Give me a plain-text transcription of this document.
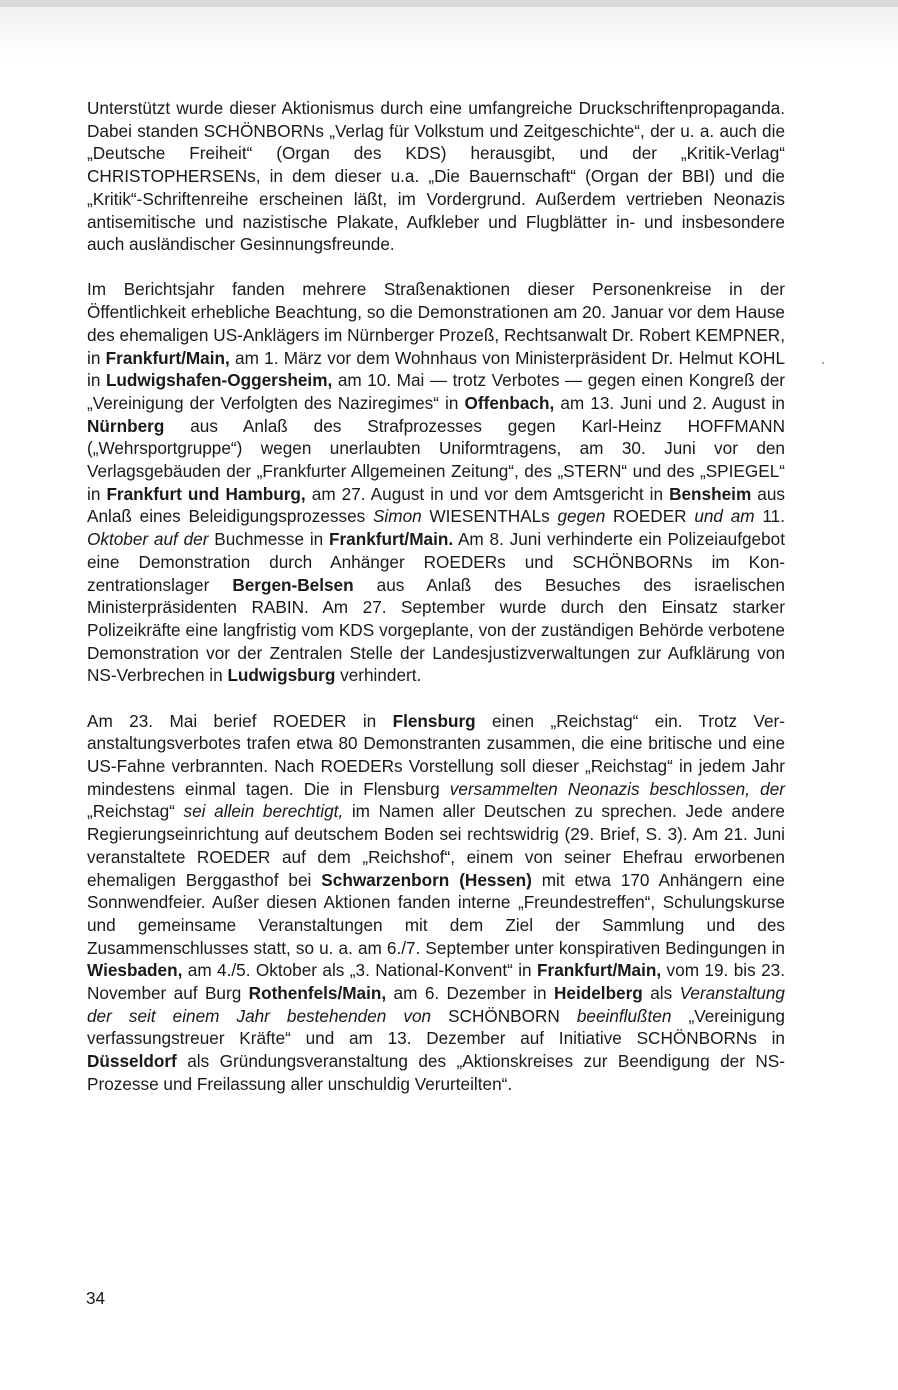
Unterstützt wurde dieser Aktionismus durch eine umfangreiche Druckschriftenpropaganda. Dabei standen SCHÖNBORNs „Verlag für Volkstum und Zeitgeschichte“, der u. a. auch die „Deutsche Freiheit“ (Organ des KDS) herausgibt, und der „Kritik-Verlag“ CHRISTOPHERSENs, in dem dieser u.a. „Die Bauernschaft“ (Organ der BBI) und die „Kritik“-Schriftenreihe erscheinen läßt, im Vordergrund. Außerdem vertrieben Neonazis antisemitische und nazistische Plakate, Aufkleber und Flugblätter in- und insbesondere auch ausländischer Gesinnungsfreunde.

Im Berichtsjahr fanden mehrere Straßenaktionen dieser Personenkreise in der Öffentlichkeit erhebliche Beachtung, so die Demonstrationen am 20. Januar vor dem Hause des ehemaligen US-Anklägers im Nürnberger Prozeß, Rechtsanwalt Dr. Robert KEMPNER, in Frankfurt/Main, am 1. März vor dem Wohnhaus von Ministerpräsident Dr. Helmut KOHL in Ludwigshafen-Oggersheim, am 10. Mai — trotz Verbotes — gegen einen Kongreß der „Vereinigung der Verfolgten des Naziregimes“ in Offenbach, am 13. Juni und 2. August in Nürnberg aus Anlaß des Strafprozesses gegen Karl-Heinz HOFFMANN („Wehrsportgruppe“) wegen unerlaubten Uniformtragens, am 30. Juni vor den Verlagsgebäuden der „Frankfurter Allgemeinen Zeitung“, des „STERN“ und des „SPIEGEL“ in Frankfurt und Hamburg, am 27. August in und vor dem Amtsgericht in Bensheim aus Anlaß eines Beleidigungsprozesses Simon WIESENTHALs gegen ROEDER und am 11. Oktober auf der Buchmesse in Frankfurt/Main. Am 8. Juni verhinderte ein Polizeiaufgebot eine Demonstration durch Anhänger ROEDERs und SCHÖNBORNs im Konzentrationslager Bergen-Belsen aus Anlaß des Besuches des israelischen Ministerpräsidenten RABIN. Am 27. September wurde durch den Einsatz starker Polizeikräfte eine langfristig vom KDS vorgeplante, von der zuständigen Behörde verbotene Demonstration vor der Zentralen Stelle der Landesjustizverwaltungen zur Aufklärung von NS-Verbrechen in Ludwigsburg verhindert.

Am 23. Mai berief ROEDER in Flensburg einen „Reichstag“ ein. Trotz Veranstaltungsverbotes trafen etwa 80 Demonstranten zusammen, die eine britische und eine US-Fahne verbrannten. Nach ROEDERs Vorstellung soll dieser „Reichstag“ in jedem Jahr mindestens einmal tagen. Die in Flensburg versammelten Neonazis beschlossen, der „Reichstag“ sei allein berechtigt, im Namen aller Deutschen zu sprechen. Jede andere Regierungseinrichtung auf deutschem Boden sei rechtswidrig (29. Brief, S. 3). Am 21. Juni veranstaltete ROEDER auf dem „Reichshof“, einem von seiner Ehefrau erworbenen ehemaligen Berggasthof bei Schwarzenborn (Hessen) mit etwa 170 Anhängern eine Sonnwendfeier. Außer diesen Aktionen fanden interne „Freundestreffen“, Schulungskurse und gemeinsame Veranstaltungen mit dem Ziel der Sammlung und des Zusammenschlusses statt, so u. a. am 6./7. September unter konspirativen Bedingungen in Wiesbaden, am 4./5. Oktober als „3. National-Konvent“ in Frankfurt/Main, vom 19. bis 23. November auf Burg Rothenfels/Main, am 6. Dezember in Heidelberg als Veranstaltung der seit einem Jahr bestehenden von SCHÖNBORN beeinflußten „Vereinigung verfassungstreuer Kräfte“ und am 13. Dezember auf Initiative SCHÖNBORNs in Düsseldorf als Gründungsveranstaltung des „Aktionskreises zur Beendigung der NS-Prozesse und Freilassung aller unschuldig Verurteilten“.

34
